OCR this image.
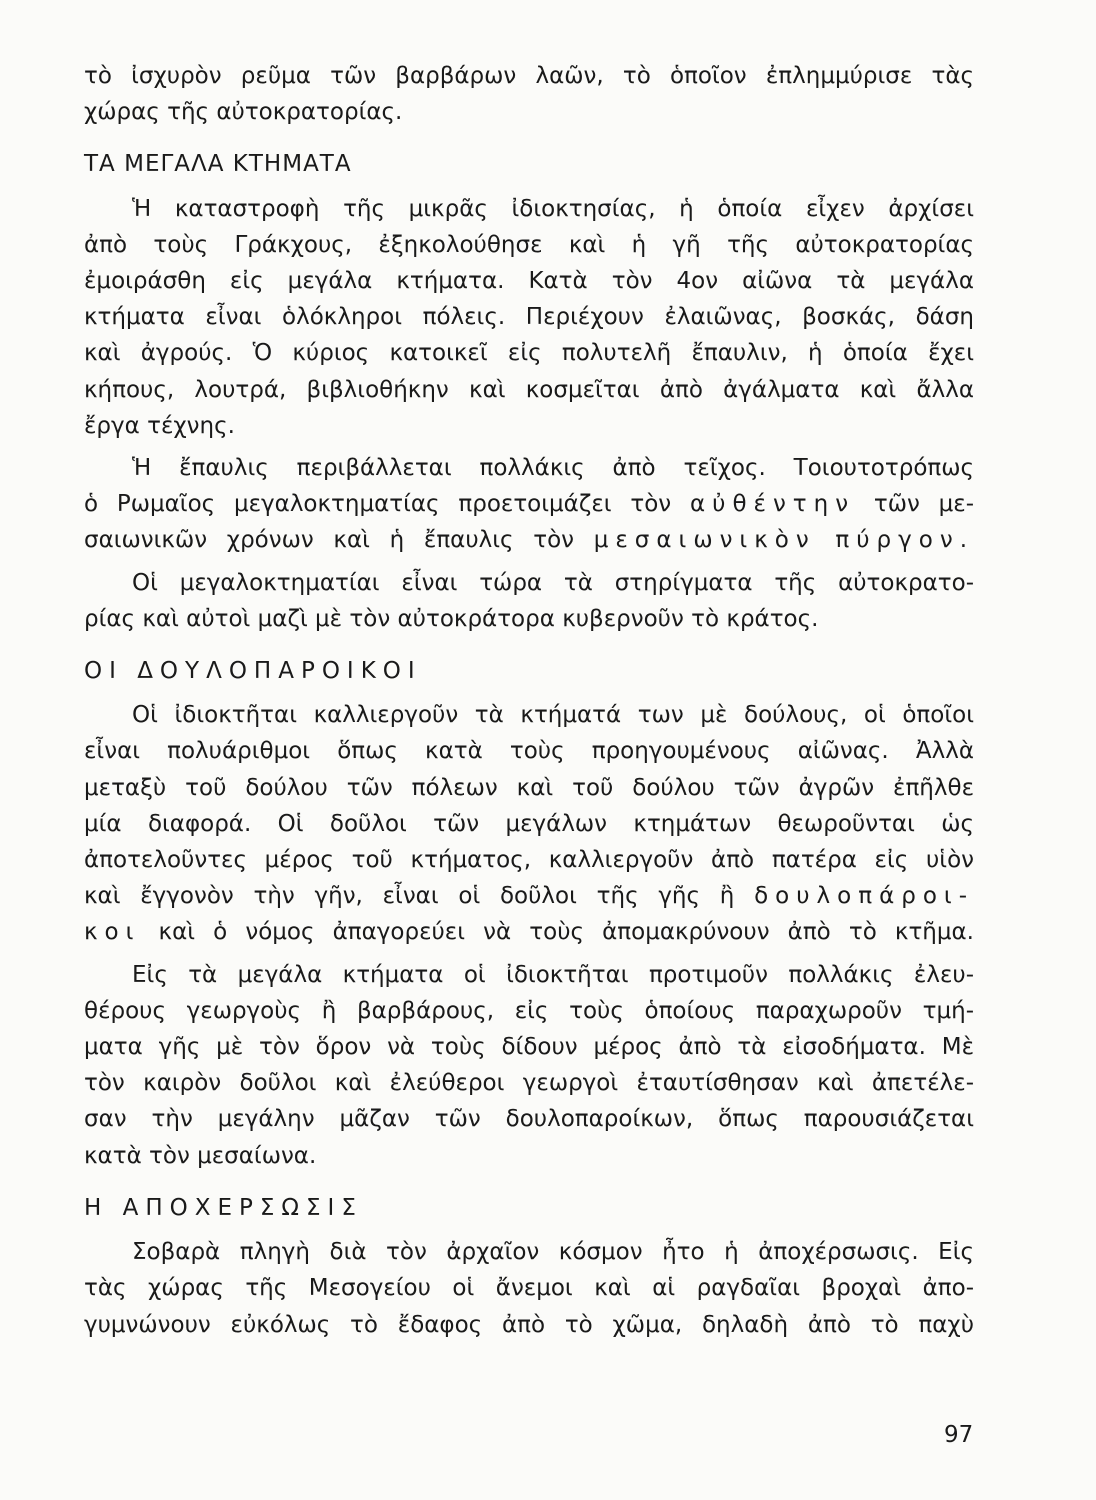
τὸ ἰσχυρὸν ρεῦμα τῶν βαρβάρων λαῶν, τὸ ὁποῖον ἐπλημμύρισε τὰς
χώρας τῆς αὐτοκρατορίας.
ΤΑ ΜΕΓΑΛΑ ΚΤΗΜΑΤΑ
Ἡ καταστροφὴ τῆς μικρᾶς ἰδιοκτησίας, ἡ ὁποία εἶχεν ἀρχίσει
ἀπὸ τοὺς Γράκχους, ἐξηκολούθησε καὶ ἡ γῆ τῆς αὐτοκρατορίας
ἐμοιράσθη εἰς μεγάλα κτήματα. Κατὰ τὸν 4ον αἰῶνα τὰ μεγάλα
κτήματα εἶναι ὁλόκληροι πόλεις. Περιέχουν ἐλαιῶνας, βοσκάς, δάση
καὶ ἀγρούς. Ὁ κύριος κατοικεῖ εἰς πολυτελῆ ἔπαυλιν, ἡ ὁποία ἔχει
κήπους, λουτρά, βιβλιοθήκην καὶ κοσμεῖται ἀπὸ ἀγάλματα καὶ ἄλλα
ἔργα τέχνης.
Ἡ ἔπαυλις περιβάλλεται πολλάκις ἀπὸ τεῖχος. Τοιουτοτρόπως
ὁ Ρωμαῖος μεγαλοκτηματίας προετοιμάζει τὸν αὐθέντην τῶν με-
σαιωνικῶν χρόνων καὶ ἡ ἔπαυλις τὸν μεσαιωνικὸν πύργον.
Οἱ μεγαλοκτηματίαι εἶναι τώρα τὰ στηρίγματα τῆς αὐτοκρατο-
ρίας καὶ αὐτοὶ μαζὶ μὲ τὸν αὐτοκράτορα κυβερνοῦν τὸ κράτος.
ΟΙ ΔΟΥΛΟΠΑΡΟΙΚΟΙ
Οἱ ἰδιοκτῆται καλλιεργοῦν τὰ κτήματά των μὲ δούλους, οἱ ὁποῖοι
εἶναι πολυάριθμοι ὅπως κατὰ τοὺς προηγουμένους αἰῶνας. Ἀλλὰ
μεταξὺ τοῦ δούλου τῶν πόλεων καὶ τοῦ δούλου τῶν ἀγρῶν ἐπῆλθε
μία διαφορά. Οἱ δοῦλοι τῶν μεγάλων κτημάτων θεωροῦνται ὡς
ἀποτελοῦντες μέρος τοῦ κτήματος, καλλιεργοῦν ἀπὸ πατέρα εἰς υἱὸν
καὶ ἔγγονὸν τὴν γῆν, εἶναι οἱ δοῦλοι τῆς γῆς ἢ δουλοπάροι-
κοι καὶ ὁ νόμος ἀπαγορεύει νὰ τοὺς ἀπομακρύνουν ἀπὸ τὸ κτῆμα.
Εἰς τὰ μεγάλα κτήματα οἱ ἰδιοκτῆται προτιμοῦν πολλάκις ἐλευ-
θέρους γεωργοὺς ἢ βαρβάρους, εἰς τοὺς ὁποίους παραχωροῦν τμή-
ματα γῆς μὲ τὸν ὅρον νὰ τοὺς δίδουν μέρος ἀπὸ τὰ εἰσοδήματα. Μὲ
τὸν καιρὸν δοῦλοι καὶ ἐλεύθεροι γεωργοὶ ἐταυτίσθησαν καὶ ἀπετέλε-
σαν τὴν μεγάλην μᾶζαν τῶν δουλοπαροίκων, ὅπως παρουσιάζεται
κατὰ τὸν μεσαίωνα.
Η ΑΠΟΧΕΡΣΩΣΙΣ
Σοβαρὰ πληγὴ διὰ τὸν ἀρχαῖον κόσμον ἦτο ἡ ἀποχέρσωσις. Εἰς
τὰς χώρας τῆς Μεσογείου οἱ ἄνεμοι καὶ αἱ ραγδαῖαι βροχαὶ ἀπο-
γυμνώνουν εὐκόλως τὸ ἔδαφος ἀπὸ τὸ χῶμα, δηλαδὴ ἀπὸ τὸ παχὺ
97
